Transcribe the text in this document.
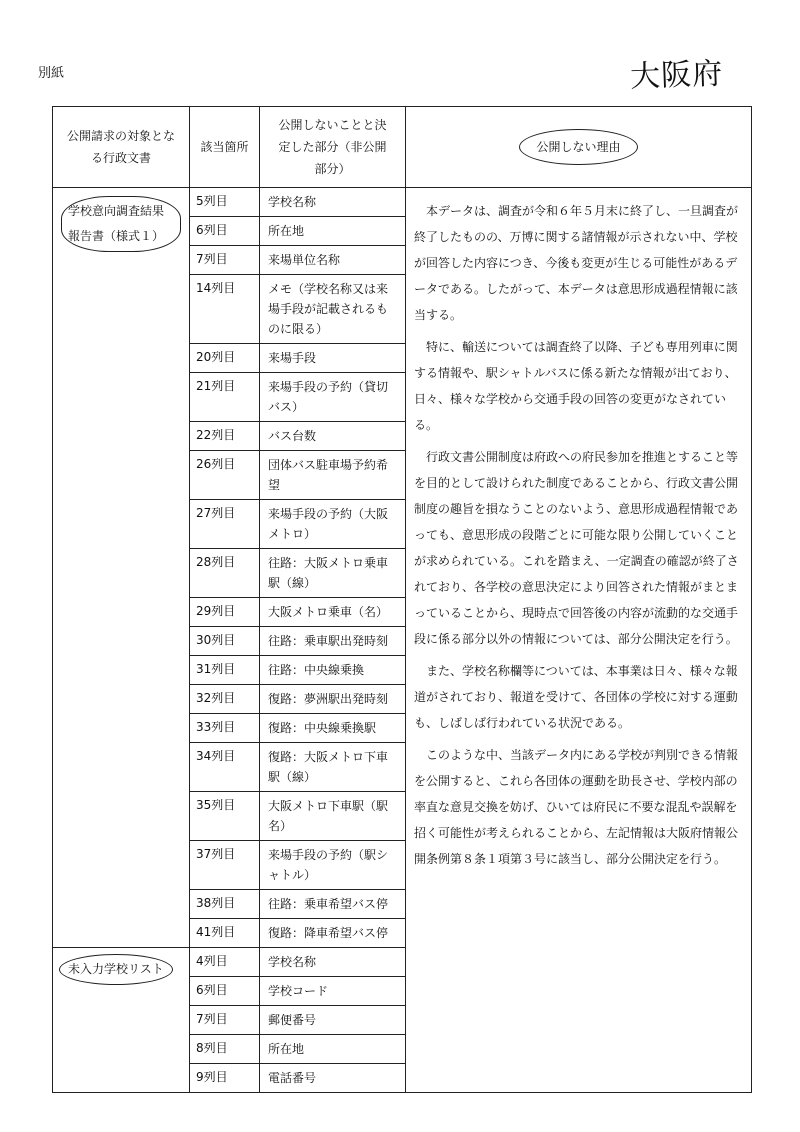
別紙	大阪府
公開請求の対象となる行政文書	該当箇所	公開しないことと決定した部分（非公開部分）	公開しない理由
学校意向調査結果報告書（様式１）	5列目	学校名称	本データは、調査が令和６年５月末に終了し、一旦調査が終了したものの、万博に関する諸情報が示されない中、学校が回答した内容につき、今後も変更が生じる可能性があるデータである。したがって、本データは意思形成過程情報に該当する。

特に、輸送については調査終了以降、子ども専用列車に関する情報や、駅シャトルバスに係る新たな情報が出ており、日々、様々な学校から交通手段の回答の変更がなされている。

行政文書公開制度は府政への府民参加を推進とすること等を目的として設けられた制度であることから、行政文書公開制度の趣旨を損なうことのないよう、意思形成過程情報であっても、意思形成の段階ごとに可能な限り公開していくことが求められている。これを踏まえ、一定調査の確認が終了されており、各学校の意思決定により回答された情報がまとまっていることから、現時点で回答後の内容が流動的な交通手段に係る部分以外の情報については、部分公開決定を行う。

また、学校名称欄等については、本事業は日々、様々な報道がされており、報道を受けて、各団体の学校に対する運動も、しばしば行われている状況である。

このような中、当該データ内にある学校が判別できる情報を公開すると、これら各団体の運動を助長させ、学校内部の率直な意見交換を妨げ、ひいては府民に不要な混乱や誤解を招く可能性が考えられることから、左記情報は大阪府情報公開条例第８条１項第３号に該当し、部分公開決定を行う。

	6列目	所在地	
	7列目	来場単位名称	
	14列目	メモ（学校名称又は来場手段が記載されるものに限る）	
	20列目	来場手段	
	21列目	来場手段の予約（貸切バス）	
	22列目	バス台数	
	26列目	団体バス駐車場予約希望	
	27列目	来場手段の予約（大阪メトロ）	
	28列目	往路：大阪メトロ乗車駅（線）	
	29列目	大阪メトロ乗車（名）	
	30列目	往路：乗車駅出発時刻	
	31列目	往路：中央線乗換	
	32列目	復路：夢洲駅出発時刻	
	33列目	復路：中央線乗換駅	
	34列目	復路：大阪メトロ下車駅（線）	
	35列目	大阪メトロ下車駅（駅名）	
	37列目	来場手段の予約（駅シャトル）	
	38列目	往路：乗車希望バス停	
	41列目	復路：降車希望バス停	
未入力学校リスト	4列目	学校名称	
	6列目	学校コード	
	7列目	郵便番号	
	8列目	所在地	
	9列目	電話番号	
